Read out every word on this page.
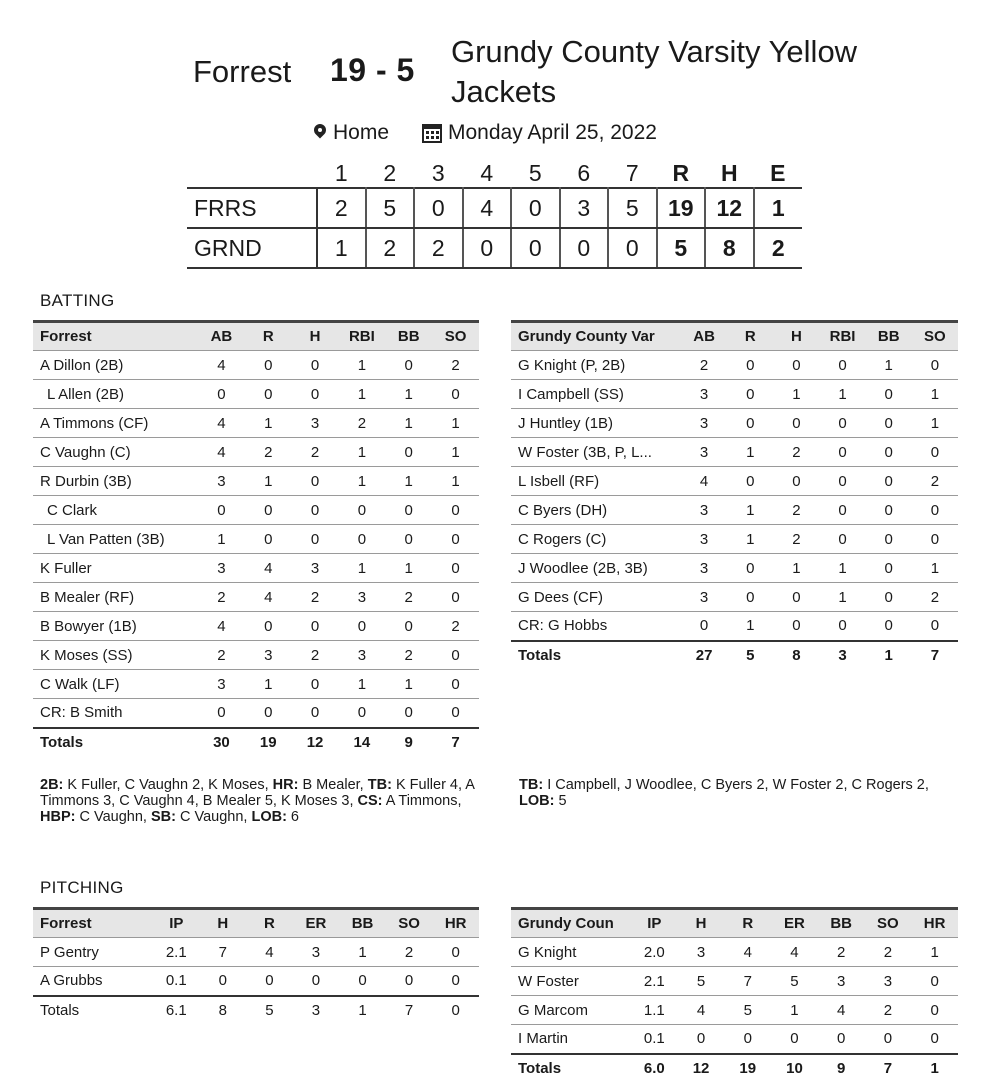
Forrest 19 - 5
Grundy County Varsity Yellow Jackets
Home	Monday April 25, 2022
	1	2	3	4	5	6	7	R	H	E
FRRS	2	5	0	4	0	3	5	19	12	1
GRND	1	2	2	0	0	0	0	5	8	2
BATTING
Forrest	AB	R	H	RBI	BB	SO
A Dillon (2B)	4	0	0	1	0	2
L Allen (2B)	0	0	0	1	1	0
A Timmons (CF)	4	1	3	2	1	1
C Vaughn (C)	4	2	2	1	0	1
R Durbin (3B)	3	1	0	1	1	1
C Clark	0	0	0	0	0	0
L Van Patten (3B)	1	0	0	0	0	0
K Fuller	3	4	3	1	1	0
B Mealer (RF)	2	4	2	3	2	0
B Bowyer (1B)	4	0	0	0	0	2
K Moses (SS)	2	3	2	3	2	0
C Walk (LF)	3	1	0	1	1	0
CR: B Smith	0	0	0	0	0	0
Totals	30	19	12	14	9	7
Grundy County Var	AB	R	H	RBI	BB	SO
G Knight (P, 2B)	2	0	0	0	1	0
I Campbell (SS)	3	0	1	1	0	1
J Huntley (1B)	3	0	0	0	0	1
W Foster (3B, P, L...	3	1	2	0	0	0
L Isbell (RF)	4	0	0	0	0	2
C Byers (DH)	3	1	2	0	0	0
C Rogers (C)	3	1	2	0	0	0
J Woodlee (2B, 3B)	3	0	1	1	0	1
G Dees (CF)	3	0	0	1	0	2
CR: G Hobbs	0	1	0	0	0	0
Totals	27	5	8	3	1	7
2B: K Fuller, C Vaughn 2, K Moses, HR: B Mealer, TB: K Fuller 4, A Timmons 3, C Vaughn 4, B Mealer 5, K Moses 3, CS: A Timmons, HBP: C Vaughn, SB: C Vaughn, LOB: 6
TB: I Campbell, J Woodlee, C Byers 2, W Foster 2, C Rogers 2, LOB: 5
PITCHING
Forrest	IP	H	R	ER	BB	SO	HR
P Gentry	2.1	7	4	3	1	2	0
A Grubbs	0.1	0	0	0	0	0	0
Totals	6.1	8	5	3	1	7	0
Grundy Coun	IP	H	R	ER	BB	SO	HR
G Knight	2.0	3	4	4	2	2	1
W Foster	2.1	5	7	5	3	3	0
G Marcom	1.1	4	5	1	4	2	0
I Martin	0.1	0	0	0	0	0	0
Totals	6.0	12	19	10	9	7	1
